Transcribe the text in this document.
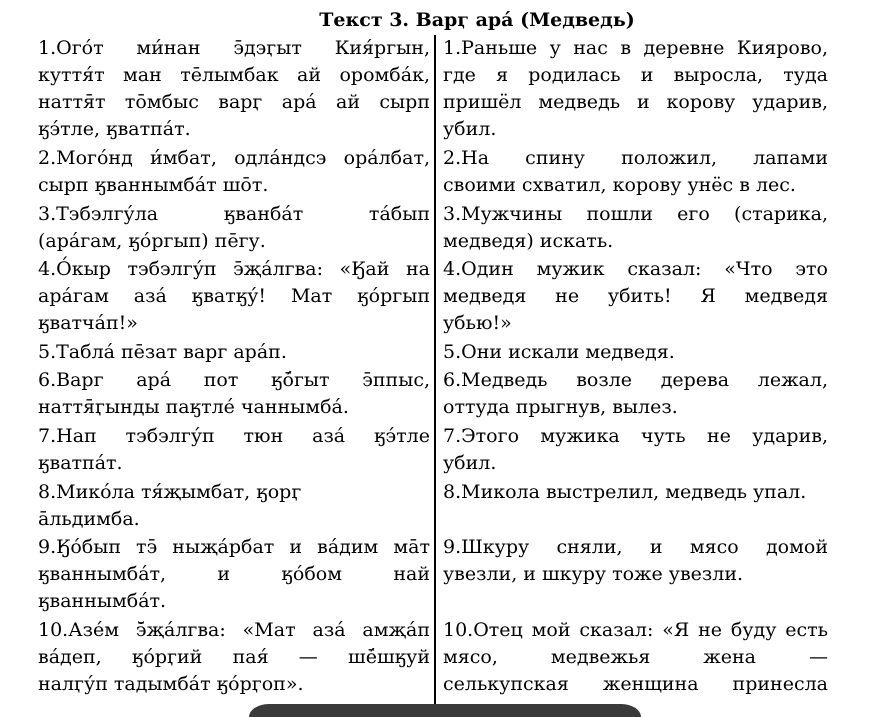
Текст 3. Варӷ ара́ (Медведь)
1.Ого́т ми́нан э̄дэӷыт Кия́ргын,
куття́т ман те̄лымбак ай оромба́к,
наття̄т то̄мбыс варӷ ара́ ай сырп
ӄэ́тле, ӄватпа́т.
1.Раньше у нас в деревне Киярово,
где я родилась и выросла, туда
пришёл медведь и корову ударив,
убил.
2.Мого́нд и́мбат, одла́ндсэ ора́лбат,
сырп ӄваннымба́т шо̄т.
2.На спину положил, лапами
своими схватил, корову унёс в лес.
3.Тэбэлгу́ла ӄванба́т та́бып
(ара́гам, ӄо́ргып) пе̄гу.
3.Мужчины пошли его (старика,
медведя) искать.
4.О́кыр тэбэлгу́п э̄җа́лгва: «Ӄай на
ара́гам аза́ ӄватӄу́! Мат ӄо́ргып
ӄватча́п!»
4.Один мужик сказал: «Что это
медведя не убить! Я медведя
убью!»
5.Табла́ пе̄зат варг ара́п.	5.Они искали медведя.
6.Варг ара́ пот ӄо̄́гыт э̄ппыс,
наття̄ӷынды паӄтле́ чаннымба́.
6.Медведь возле дерева лежал,
оттуда прыгнув, вылез.
7.Нап тэбэлгу́п тюн аза́ ӄэ́тле
ӄватпа́т.
7.Этого мужика чуть не ударив,
убил.
8.Мико́ла тя́җымбат, ӄорӷ
а̄льдимба.
8.Микола выстрелил, медведь упал.
9.Ӄо́бып тэ̄ ныҗа́рбат и ва́дим ма̄т
ӄваннымба́т, и ӄо́бом най
ӄваннымба́т.
9.Шкуру сняли, и мясо домой
увезли, и шкуру тоже увезли.
10.Азе́м э̄̆җа́лгва: «Мат аза́ амҗа́п
ва́деп, ӄо́рӷий пая́ — ше̄́шӄуй
налӷу́п тадымба́т ӄо́рӷоп».
10.Отец мой сказал: «Я не буду есть
мясо, медвежья жена —
селькупская женщина принесла
